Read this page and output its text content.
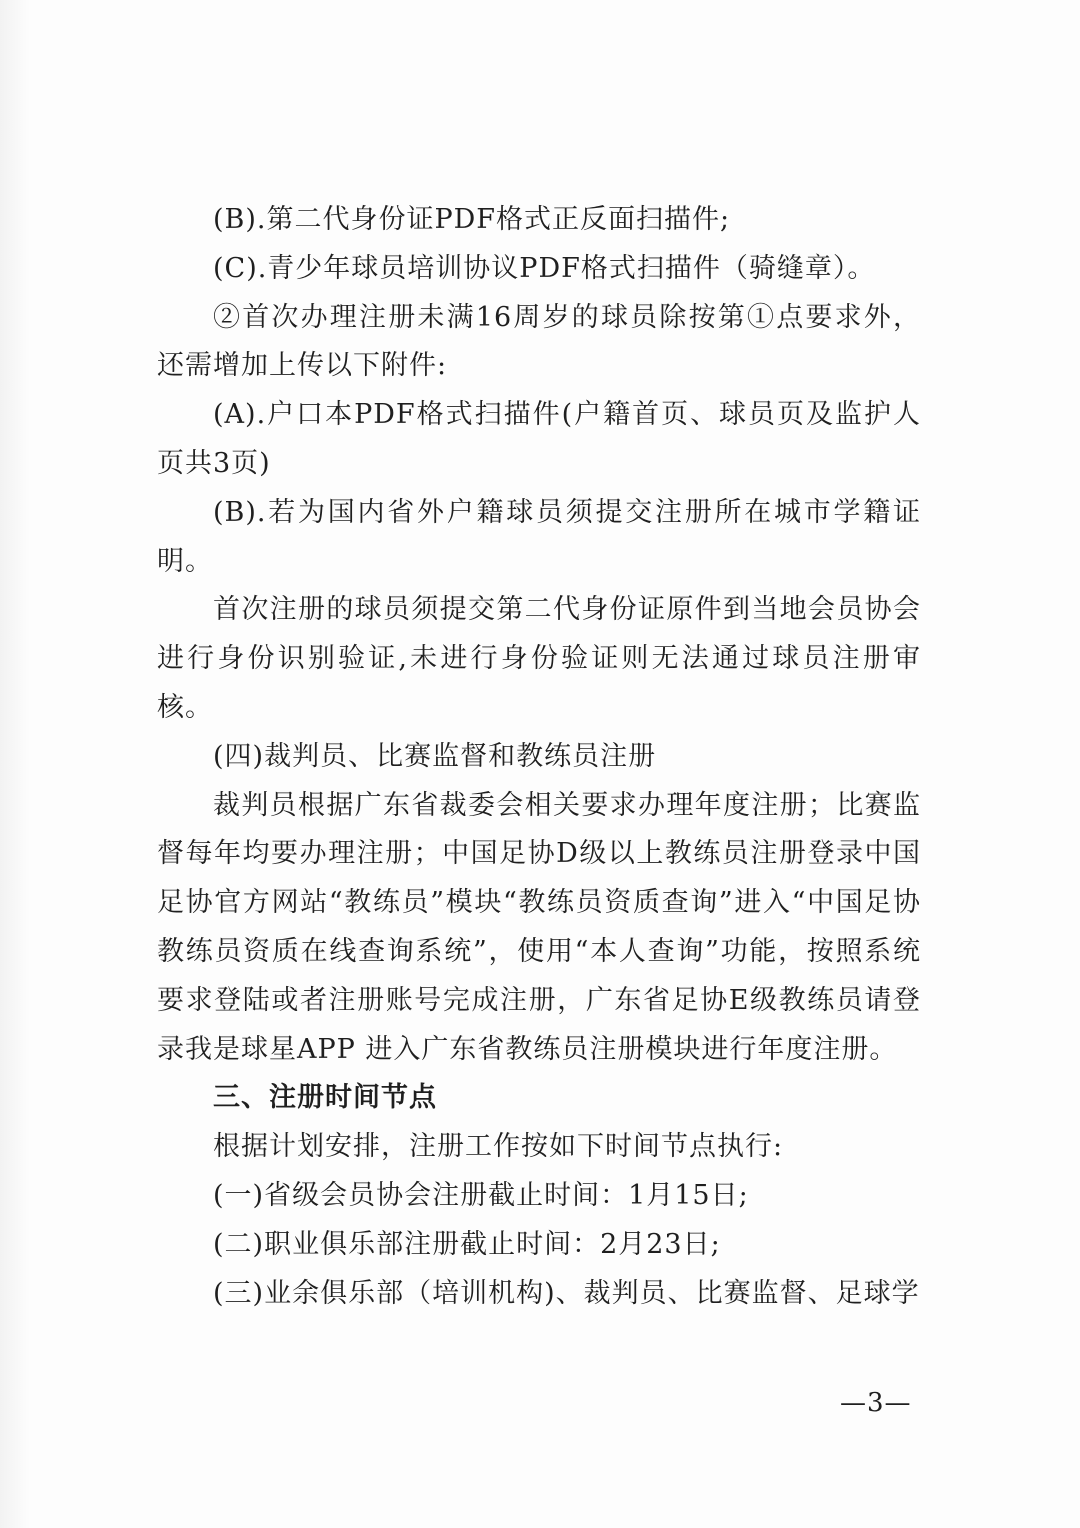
(B).第二代身份证PDF格式正反面扫描件;

(C).青少年球员培训协议PDF格式扫描件（骑缝章）。

②首次办理注册未满16周岁的球员除按第①点要求外，还需增加上传以下附件:

(A).户口本PDF格式扫描件(户籍首页、球员页及监护人页共3页)

(B).若为国内省外户籍球员须提交注册所在城市学籍证明。

首次注册的球员须提交第二代身份证原件到当地会员协会进行身份识别验证,未进行身份验证则无法通过球员注册审核。

(四)裁判员、比赛监督和教练员注册

裁判员根据广东省裁委会相关要求办理年度注册；比赛监督每年均要办理注册；中国足协D级以上教练员注册登录中国足协官方网站“教练员”模块“教练员资质查询”进入“中国足协教练员资质在线查询系统”，使用“本人查询”功能，按照系统要求登陆或者注册账号完成注册，广东省足协E级教练员请登录我是球星APP 进入广东省教练员注册模块进行年度注册。

三、注册时间节点

根据计划安排，注册工作按如下时间节点执行:

(一)省级会员协会注册截止时间：1月15日;

(二)职业俱乐部注册截止时间：2月23日;

(三)业余俱乐部（培训机构)、裁判员、比赛监督、足球学

—3—
